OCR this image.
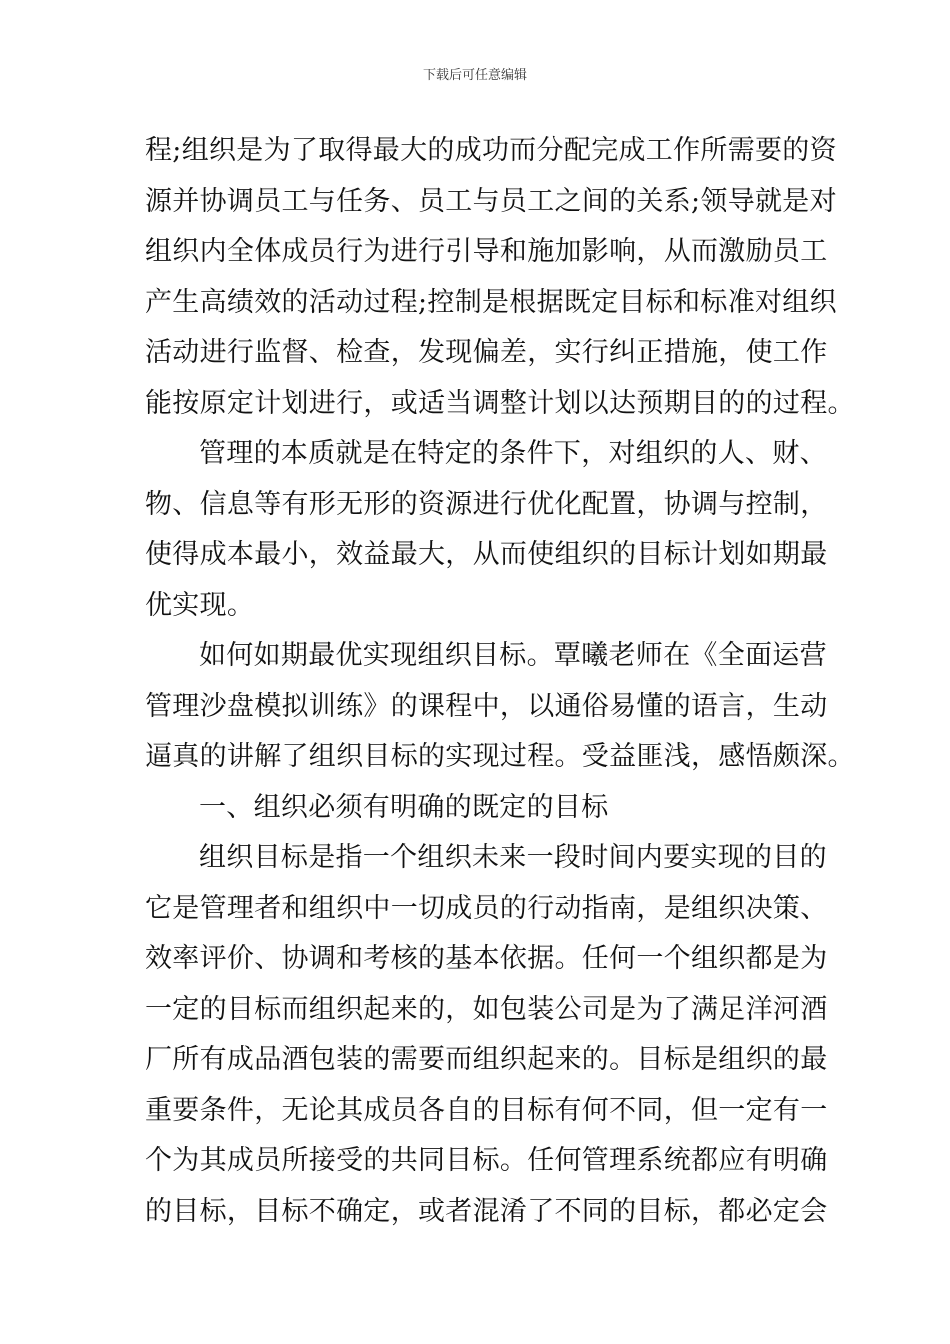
下载后可任意编辑
程;组织是为了取得最大的成功而分配完成工作所需要的资
源并协调员工与任务、员工与员工之间的关系;领导就是对
组织内全体成员行为进行引导和施加影响，从而激励员工
产生高绩效的活动过程;控制是根据既定目标和标准对组织
活动进行监督、检查，发现偏差，实行纠正措施，使工作
能按原定计划进行，或适当调整计划以达预期目的的过程。
管理的本质就是在特定的条件下，对组织的人、财、
物、信息等有形无形的资源进行优化配置，协调与控制，
使得成本最小，效益最大，从而使组织的目标计划如期最
优实现。
如何如期最优实现组织目标。覃曦老师在《全面运营
管理沙盘模拟训练》的课程中，以通俗易懂的语言，生动
逼真的讲解了组织目标的实现过程。受益匪浅，感悟颇深。
一、组织必须有明确的既定的目标
组织目标是指一个组织未来一段时间内要实现的目的
它是管理者和组织中一切成员的行动指南，是组织决策、
效率评价、协调和考核的基本依据。任何一个组织都是为
一定的目标而组织起来的，如包装公司是为了满足洋河酒
厂所有成品酒包装的需要而组织起来的。目标是组织的最
重要条件，无论其成员各自的目标有何不同，但一定有一
个为其成员所接受的共同目标。任何管理系统都应有明确
的目标，目标不确定，或者混淆了不同的目标，都必定会
